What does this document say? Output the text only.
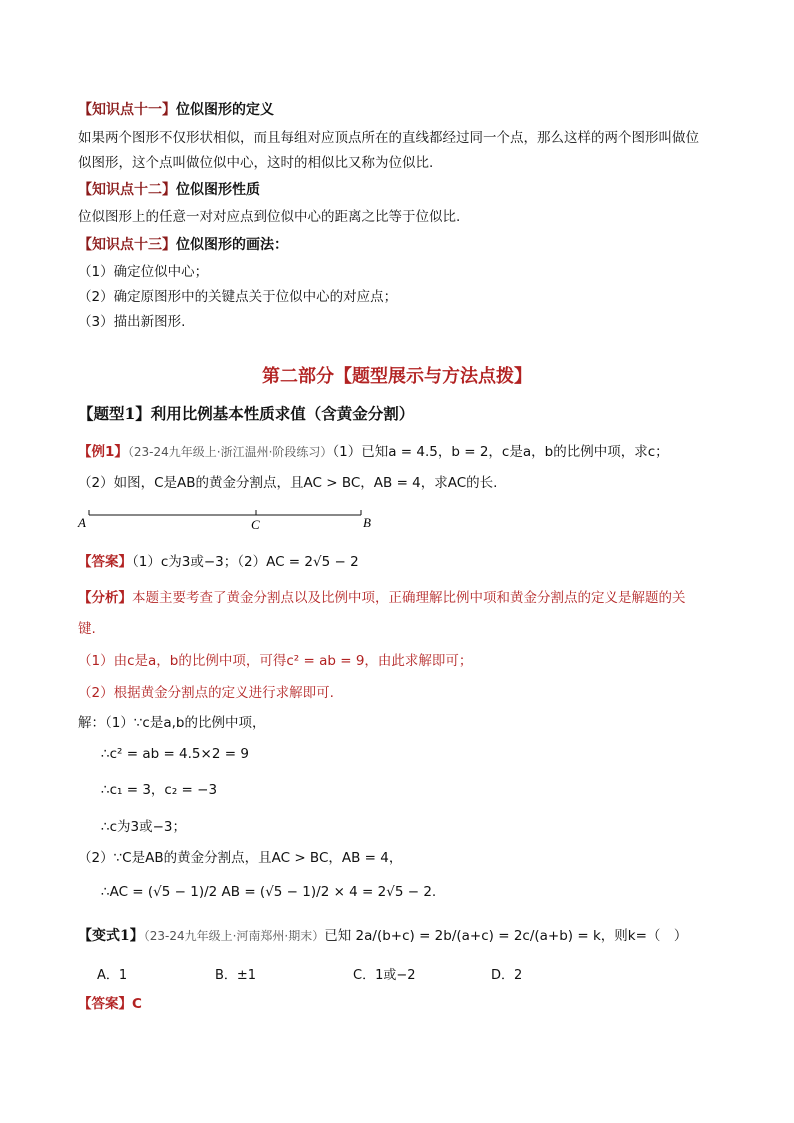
【知识点十一】位似图形的定义
如果两个图形不仅形状相似，而且每组对应顶点所在的直线都经过同一个点，那么这样的两个图形叫做位
似图形，这个点叫做位似中心，这时的相似比又称为位似比.
【知识点十二】位似图形性质
位似图形上的任意一对对应点到位似中心的距离之比等于位似比.
【知识点十三】位似图形的画法：
（1）确定位似中心；
（2）确定原图形中的关键点关于位似中心的对应点；
（3）描出新图形.
第二部分【题型展示与方法点拨】
【题型1】利用比例基本性质求值（含黄金分割）
【例1】（23-24九年级上·浙江温州·阶段练习）（1）已知a = 4.5，b = 2，c是a，b的比例中项，求c；
（2）如图，C是AB的黄金分割点，且AC > BC，AB = 4，求AC的长.
A	C	B
【答案】（1）c为3或−3；（2）AC = 2√5 − 2
【分析】本题主要考查了黄金分割点以及比例中项，正确理解比例中项和黄金分割点的定义是解题的关
键.
（1）由c是a，b的比例中项，可得c² = ab = 9，由此求解即可；
（2）根据黄金分割点的定义进行求解即可.
解：（1）∵c是a,b的比例中项，
∴c² = ab = 4.5×2 = 9
∴c₁ = 3，c₂ = −3
∴c为3或−3；
（2）∵C是AB的黄金分割点，且AC > BC，AB = 4，
∴AC = (√5 − 1)/2 AB = (√5 − 1)/2 × 4 = 2√5 − 2.
【变式1】（23-24九年级上·河南郑州·期末）已知 2a/(b+c) = 2b/(a+c) = 2c/(a+b) = k，则k=（　）
A．1	B．±1	C．1或−2	D．2
【答案】C
